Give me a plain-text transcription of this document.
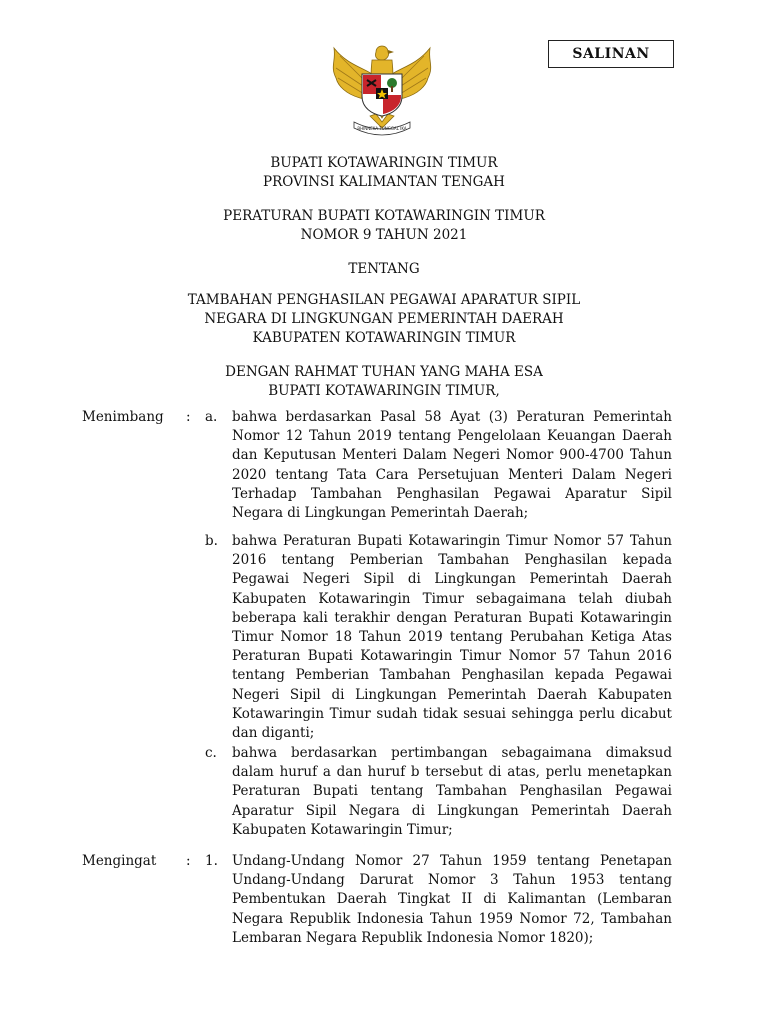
SALINAN
BHINNEKA TUNGGAL IKA
BUPATI KOTAWARINGIN TIMUR
PROVINSI KALIMANTAN TENGAH
PERATURAN BUPATI KOTAWARINGIN TIMUR
NOMOR 9 TAHUN 2021
TENTANG
TAMBAHAN PENGHASILAN PEGAWAI APARATUR SIPIL
NEGARA DI LINGKUNGAN PEMERINTAH DAERAH
KABUPATEN KOTAWARINGIN TIMUR
DENGAN RAHMAT TUHAN YANG MAHA ESA
BUPATI KOTAWARINGIN TIMUR,
Menimbang : a. bahwa berdasarkan Pasal 58 Ayat (3) Peraturan Pemerintah Nomor 12 Tahun 2019 tentang Pengelolaan Keuangan Daerah dan Keputusan Menteri Dalam Negeri Nomor 900-4700 Tahun 2020 tentang Tata Cara Persetujuan Menteri Dalam Negeri Terhadap Tambahan Penghasilan Pegawai Aparatur Sipil Negara di Lingkungan Pemerintah Daerah;
b. bahwa Peraturan Bupati Kotawaringin Timur Nomor 57 Tahun 2016 tentang Pemberian Tambahan Penghasilan kepada Pegawai Negeri Sipil di Lingkungan Pemerintah Daerah Kabupaten Kotawaringin Timur sebagaimana telah diubah beberapa kali terakhir dengan Peraturan Bupati Kotawaringin Timur Nomor 18 Tahun 2019 tentang Perubahan Ketiga Atas Peraturan Bupati Kotawaringin Timur Nomor 57 Tahun 2016 tentang Pemberian Tambahan Penghasilan kepada Pegawai Negeri Sipil di Lingkungan Pemerintah Daerah Kabupaten Kotawaringin Timur sudah tidak sesuai sehingga perlu dicabut dan diganti;
c. bahwa berdasarkan pertimbangan sebagaimana dimaksud dalam huruf a dan huruf b tersebut di atas, perlu menetapkan Peraturan Bupati tentang Tambahan Penghasilan Pegawai Aparatur Sipil Negara di Lingkungan Pemerintah Daerah Kabupaten Kotawaringin Timur;
Mengingat : 1. Undang-Undang Nomor 27 Tahun 1959 tentang Penetapan Undang-Undang Darurat Nomor 3 Tahun 1953 tentang Pembentukan Daerah Tingkat II di Kalimantan (Lembaran Negara Republik Indonesia Tahun 1959 Nomor 72, Tambahan Lembaran Negara Republik Indonesia Nomor 1820);
